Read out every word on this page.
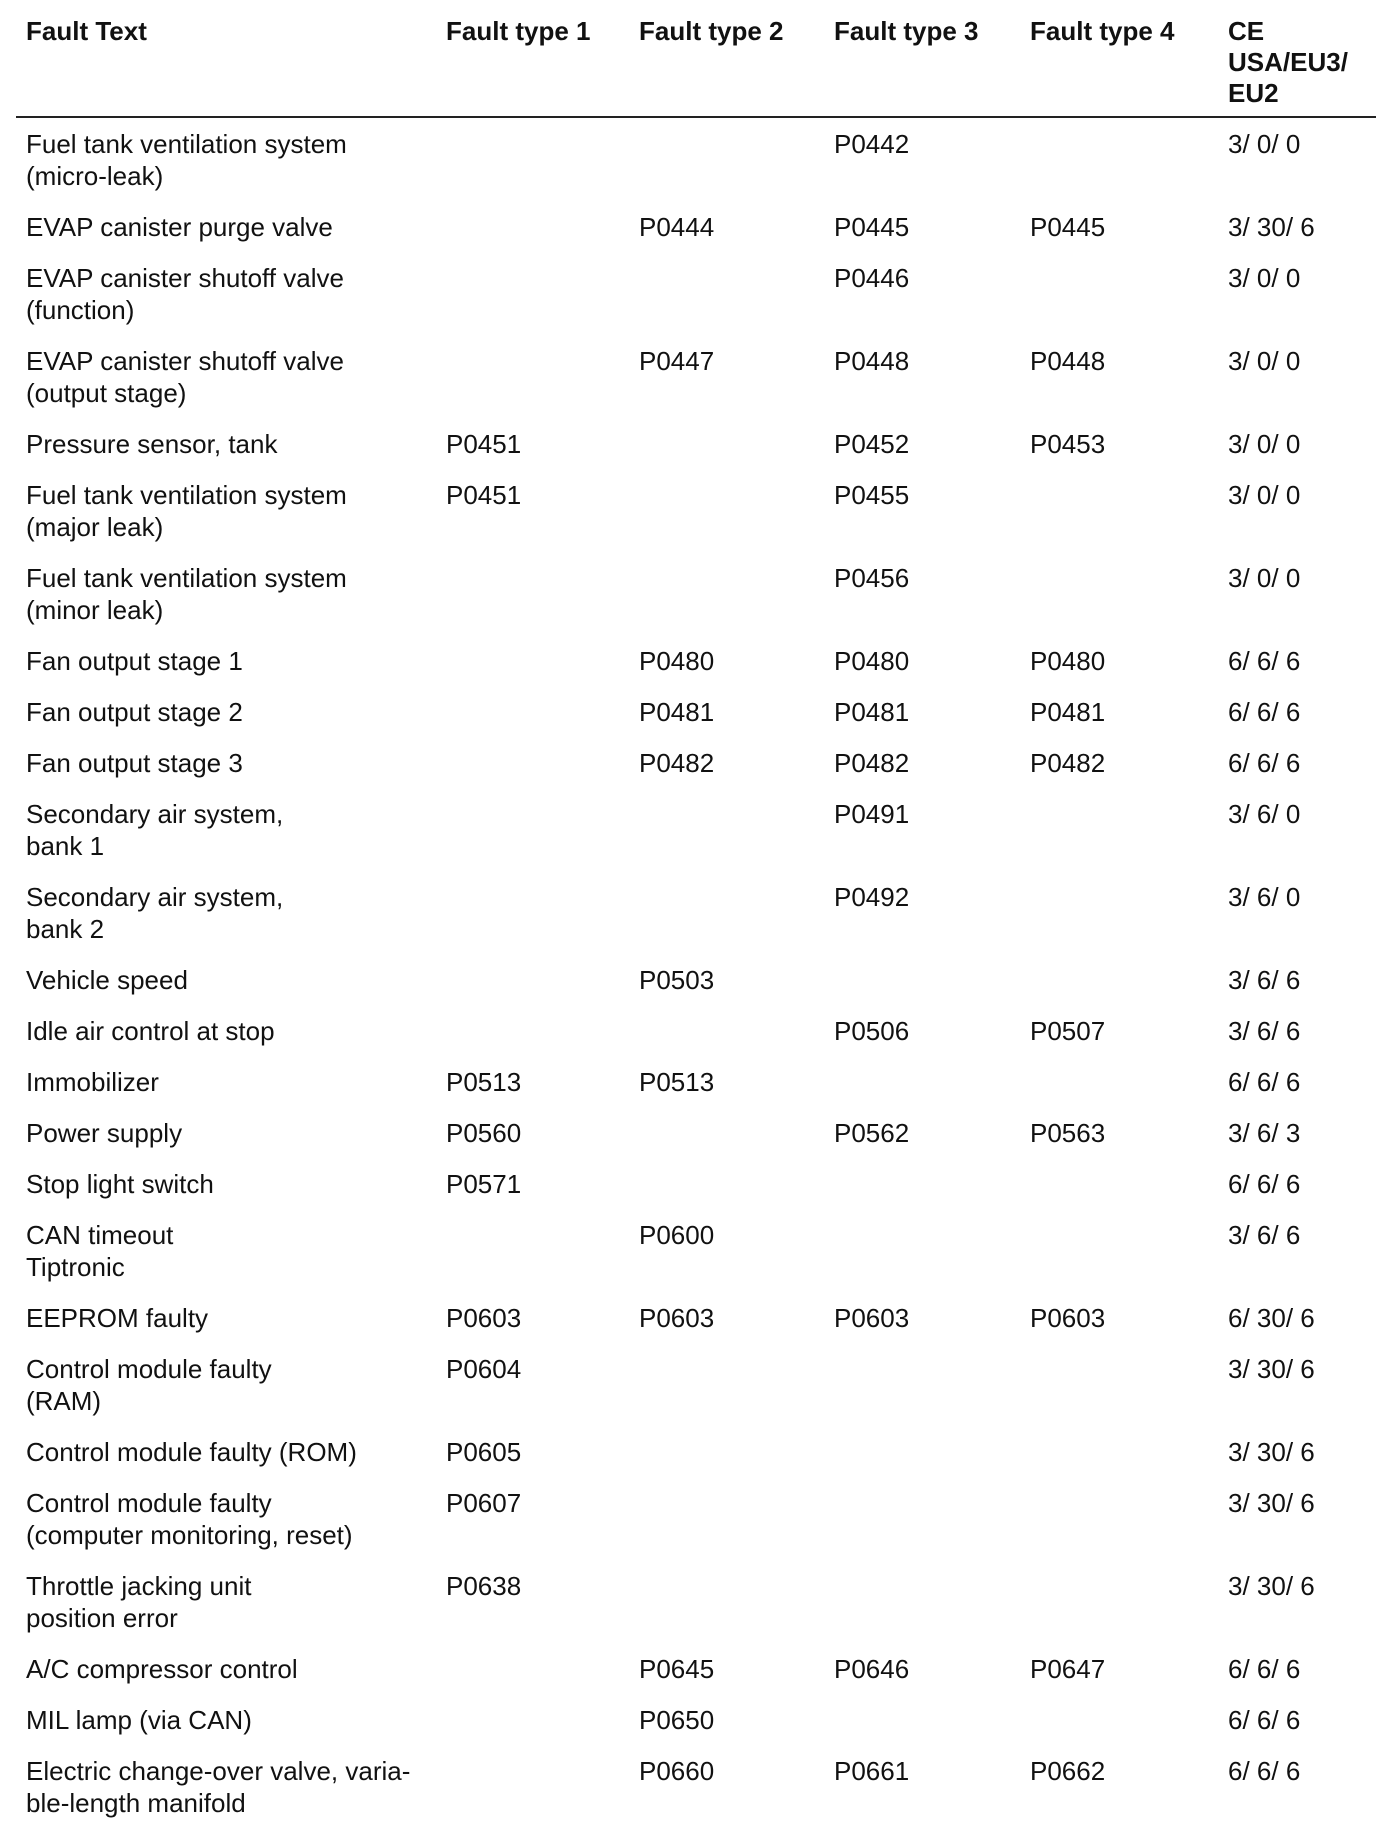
Fault Text	Fault type 1	Fault type 2	Fault type 3	Fault type 4	CE
USA/EU3/
EU2

Fuel tank ventilation system
(micro-leak)			P0442		3/ 0/ 0

EVAP canister purge valve		P0444	P0445	P0445	3/ 30/ 6

EVAP canister shutoff valve
(function)			P0446		3/ 0/ 0

EVAP canister shutoff valve
(output stage)		P0447	P0448	P0448	3/ 0/ 0

Pressure sensor, tank	P0451		P0452	P0453	3/ 0/ 0

Fuel tank ventilation system
(major leak)	P0451		P0455		3/ 0/ 0

Fuel tank ventilation system
(minor leak)			P0456		3/ 0/ 0

Fan output stage 1		P0480	P0480	P0480	6/ 6/ 6

Fan output stage 2		P0481	P0481	P0481	6/ 6/ 6

Fan output stage 3		P0482	P0482	P0482	6/ 6/ 6

Secondary air system,
bank 1			P0491		3/ 6/ 0

Secondary air system,
bank 2			P0492		3/ 6/ 0

Vehicle speed		P0503			3/ 6/ 6

Idle air control at stop			P0506	P0507	3/ 6/ 6

Immobilizer	P0513	P0513			6/ 6/ 6

Power supply	P0560		P0562	P0563	3/ 6/ 3

Stop light switch	P0571				6/ 6/ 6

CAN timeout
Tiptronic		P0600			3/ 6/ 6

EEPROM faulty	P0603	P0603	P0603	P0603	6/ 30/ 6

Control module faulty
(RAM)	P0604				3/ 30/ 6

Control module faulty (ROM)	P0605				3/ 30/ 6

Control module faulty
(computer monitoring, reset)	P0607				3/ 30/ 6

Throttle jacking unit
position error	P0638				3/ 30/ 6

A/C compressor control		P0645	P0646	P0647	6/ 6/ 6

MIL lamp (via CAN)		P0650			6/ 6/ 6

Electric change-over valve, varia-
ble-length manifold		P0660	P0661	P0662	6/ 6/ 6
